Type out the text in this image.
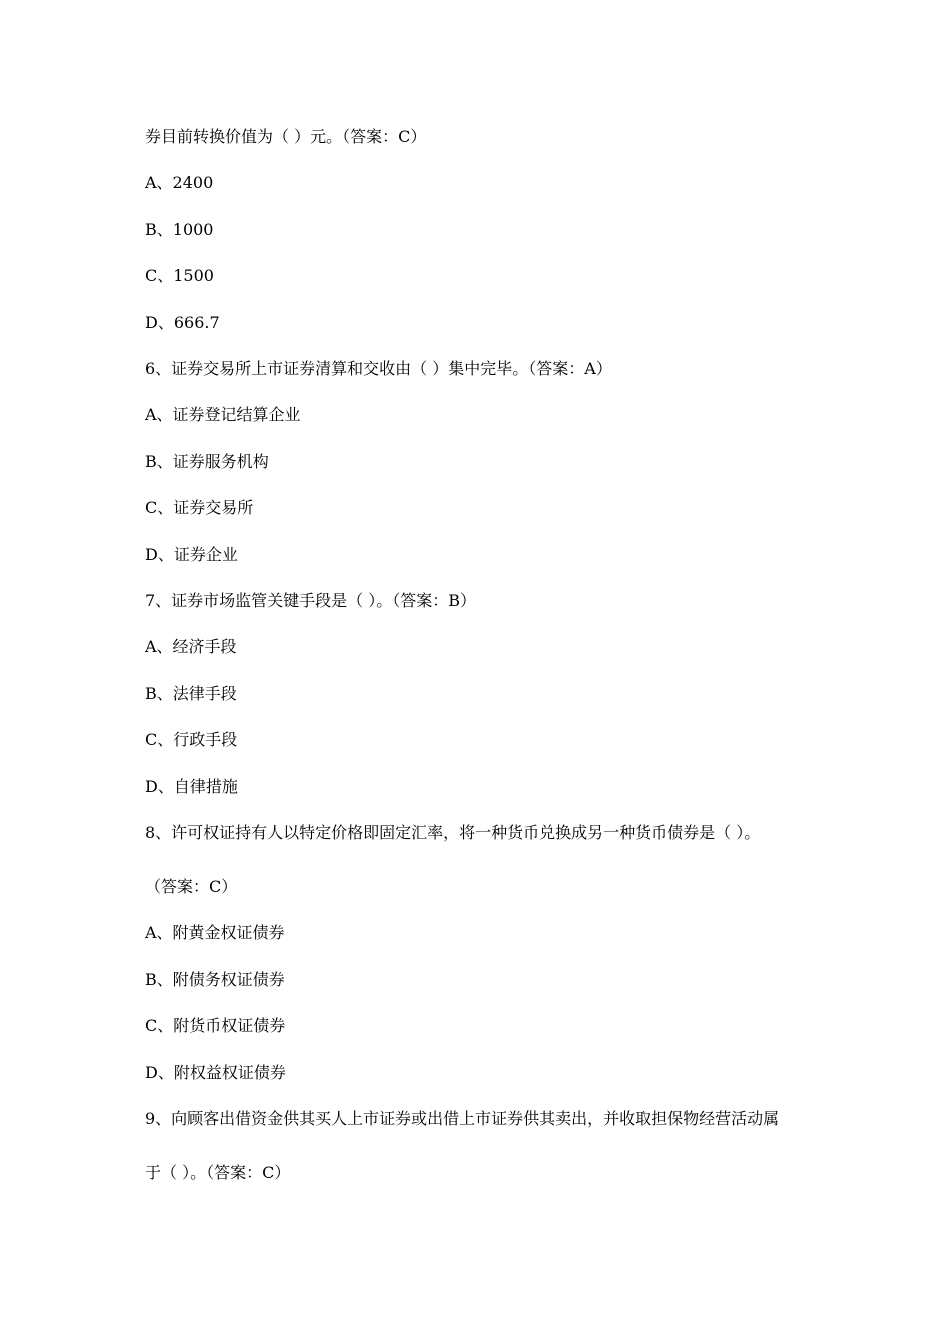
券目前转换价值为（ ）元。（答案：C）
A、2400
B、1000
C、1500
D、666.7
6、证券交易所上市证券清算和交收由（ ）集中完毕。（答案：A）
A、证券登记结算企业
B、证券服务机构
C、证券交易所
D、证券企业
7、证券市场监管关键手段是（ ）。（答案：B）
A、经济手段
B、法律手段
C、行政手段
D、自律措施
8、许可权证持有人以特定价格即固定汇率，将一种货币兑换成另一种货币债券是（ ）。
（答案：C）
A、附黄金权证债券
B、附债务权证债券
C、附货币权证债券
D、附权益权证债券
9、向顾客出借资金供其买人上市证券或出借上市证券供其卖出，并收取担保物经营活动属
于（ ）。（答案：C）
